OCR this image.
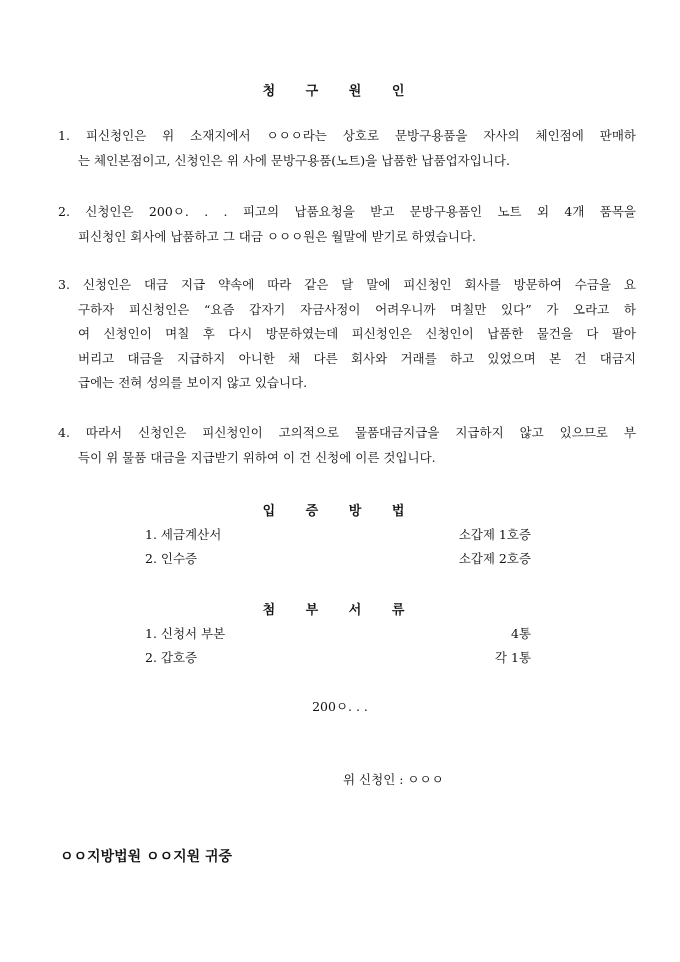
청 구 원 인
1. 피신청인은 위 소재지에서 ㅇㅇㅇ라는 상호로 문방구용품을 자사의 체인점에 판매하
는 체인본점이고, 신청인은 위 사에 문방구용품(노트)을 납품한 납품업자입니다.
2. 신청인은 200ㅇ. . . 피고의 납품요청을 받고 문방구용품인 노트 외 4개 품목을
피신청인 회사에 납품하고 그 대금 ㅇㅇㅇ원은 월말에 받기로 하였습니다.
3. 신청인은 대금 지급 약속에 따라 같은 달 말에 피신청인 회사를 방문하여 수금을 요
구하자 피신청인은 “요즘 갑자기 자금사정이 어려우니까 며칠만 있다” 가 오라고 하
여 신청인이 며칠 후 다시 방문하였는데 피신청인은 신청인이 납품한 물건을 다 팔아
버리고 대금을 지급하지 아니한 채 다른 회사와 거래를 하고 있었으며 본 건 대금지
급에는 전혀 성의를 보이지 않고 있습니다.
4. 따라서 신청인은 피신청인이 고의적으로 물품대금지급을 지급하지 않고 있으므로 부
득이 위 물품 대금을 지급받기 위하여 이 건 신청에 이른 것입니다.
입 증 방 법
1. 세금계산서	소갑제 1호증
2. 인수증	소갑제 2호증
첨 부 서 류
1. 신청서 부본	4통
2. 갑호증	각 1통
200ㅇ. . .
위 신청인 : ㅇㅇㅇ
ㅇㅇ지방법원 ㅇㅇ지원 귀중
